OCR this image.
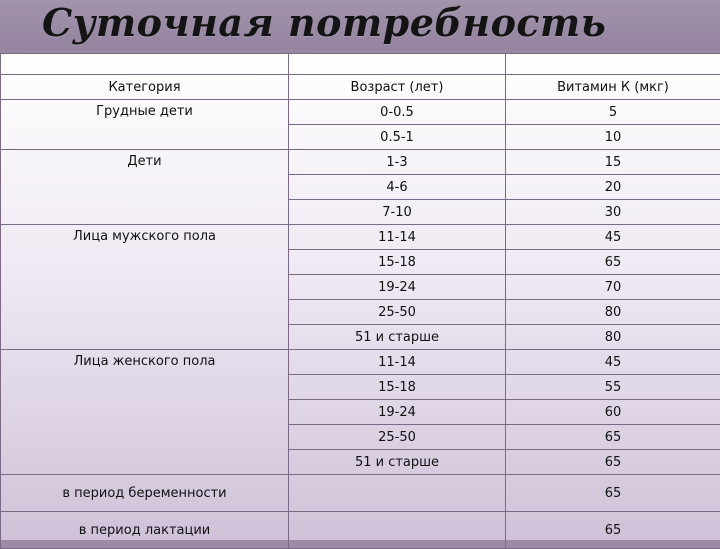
Суточная потребность

Категория	Возраст (лет)	Витамин К (мкг)
Грудные дети	0-0.5	5
	0.5-1	10
Дети	1-3	15
	4-6	20
	7-10	30
Лица мужского пола	11-14	45
	15-18	65
	19-24	70
	25-50	80
	51 и старше	80
Лица женского пола	11-14	45
	15-18	55
	19-24	60
	25-50	65
	51 и старше	65
в период беременности		65
в период лактации		65
